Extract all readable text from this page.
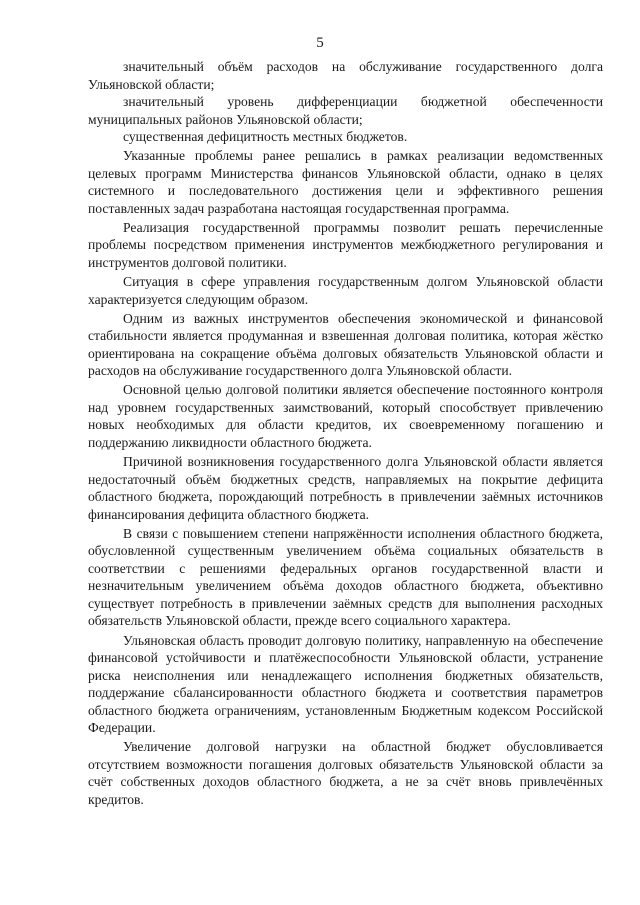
5

значительный объём расходов на обслуживание государственного долга Ульяновской области;

значительный уровень дифференциации бюджетной обеспеченности муниципальных районов Ульяновской области;

существенная дефицитность местных бюджетов.

Указанные проблемы ранее решались в рамках реализации ведомственных целевых программ Министерства финансов Ульяновской области, однако в целях системного и последовательного достижения цели и эффективного решения поставленных задач разработана настоящая государственная программа.

Реализация государственной программы позволит решать перечисленные проблемы посредством применения инструментов межбюджетного регулирования и инструментов долговой политики.

Ситуация в сфере управления государственным долгом Ульяновской области характеризуется следующим образом.

Одним из важных инструментов обеспечения экономической и финансовой стабильности является продуманная и взвешенная долговая политика, которая жёстко ориентирована на сокращение объёма долговых обязательств Ульяновской области и расходов на обслуживание государственного долга Ульяновской области.

Основной целью долговой политики является обеспечение постоянного контроля над уровнем государственных заимствований, который способствует привлечению новых необходимых для области кредитов, их своевременному погашению и поддержанию ликвидности областного бюджета.

Причиной возникновения государственного долга Ульяновской области является недостаточный объём бюджетных средств, направляемых на покрытие дефицита областного бюджета, порождающий потребность в привлечении заёмных источников финансирования дефицита областного бюджета.

В связи с повышением степени напряжённости исполнения областного бюджета, обусловленной существенным увеличением объёма социальных обязательств в соответствии с решениями федеральных органов государственной власти и незначительным увеличением объёма доходов областного бюджета, объективно существует потребность в привлечении заёмных средств для выполнения расходных обязательств Ульяновской области, прежде всего социального характера.

Ульяновская область проводит долговую политику, направленную на обеспечение финансовой устойчивости и платёжеспособности Ульяновской области, устранение риска неисполнения или ненадлежащего исполнения бюджетных обязательств, поддержание сбалансированности областного бюджета и соответствия параметров областного бюджета ограничениям, установленным Бюджетным кодексом Российской Федерации.

Увеличение долговой нагрузки на областной бюджет обусловливается отсутствием возможности погашения долговых обязательств Ульяновской области за счёт собственных доходов областного бюджета, а не за счёт вновь привлечённых кредитов.
